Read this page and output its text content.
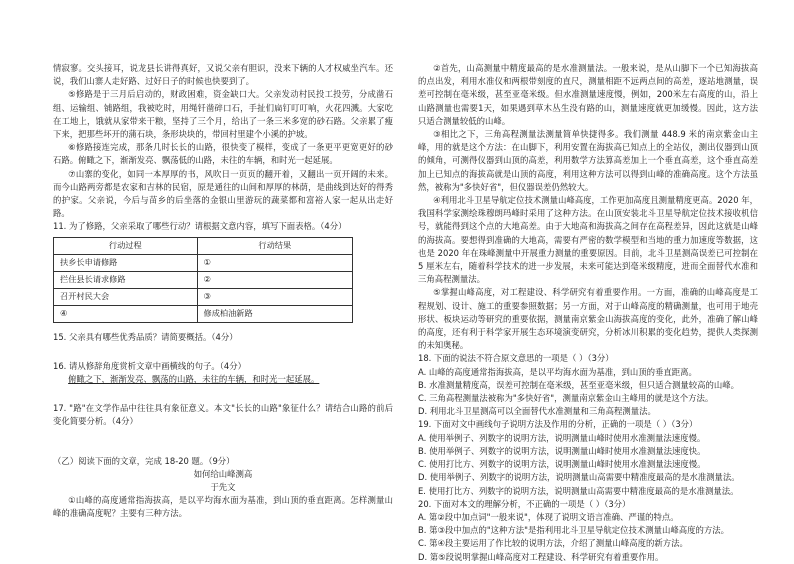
情寂寥。交头接耳，说龙县长讲得真好，又说父亲有胆识，没来下辆的人才权威坐汽车。还说，我们山寨人走好路、过好日子的时候也快要到了。

⑤修路是于三月后启动的，财政困难，资金缺口大。父亲发动村民投工投劳，分成凿石组、运输组、铺路组，我被吃时，用绳钎凿碎口石，手扯们扁钉叮叮响，火花四溅。大家吃在工地上，饿就从家带来干粮，坚持了三个月，给出了一条三米多宽的砂石路。父亲累了瘦下来，把那些坏开的蒲石块，条形块块的，带回村里建个小溪的护坡。

⑥修路接连完成，那条几时长长的山路，很快变了模样，变成了一条更平更宽更好的砂石路。俯瞰之下，渐渐发亮、飘荡低的山路，未往的车辆，和时光一起延展。

⑦山寨的变化，如同一本厚厚的书，风吹日一页页的翻开着，又翻出一页开阔的未来。而今山路两旁都是农家和吉林的民宿，原是通往的山间和厚厚的林荫，是曲线到达好的得秀的护家。父亲说，今后与苗乡的后坐落的金银山里游玩的蔬菜都和富裕人家一起从出走好路。

11. 为了修路，父亲采取了哪些行动？请根据文意内容，填写下面表格。（4分）

行动过程	行动结果
扶乡长申请修路	①
拦住县长请求修路	②
召开村民大会	③
④	修成柏油新路

15. 父亲具有哪些优秀品质？请简要概括。（4分）

16. 请从修辞角度赏析文章中画横线的句子。（4分）

俯瞰之下，渐渐发亮、飘荡的山路，未往的车辆，和时光一起延展。

17. "路"在文学作品中往往具有象征意义。本文"长长的山路"象征什么？请结合山路的前后变化简要分析。（4分）

（乙）阅读下面的文章，完成 18-20 题。（9分）

如何给山峰测高

于先文

①山峰的高度通常指海拔高，是以平均海水面为基准，到山顶的垂直距离。怎样测量山峰的准确高度呢？主要有三种方法。

②首先，山高测量中精度最高的是水准测量法。一般来说，是从山脚下一个已知海拔高的点出发，利用水准仪和两根带刻度的直尺，测量相距不远两点间的高差，逐站地测量，误差可控制在毫米级，甚至亚毫米级。但水准测量速度慢，例如，200米左右高度的山，沿上山路测量也需要1天，如果遇到草木丛生没有路的山，测量速度就更加缓慢。因此，这方法只适合测量较低的山峰。

③相比之下，三角高程测量法测量简单快捷得多。我们测量 448.9 米的南京紫金山主峰，用的就是这个方法：在山脚下，利用安置在海拔高已知点上的全站仪，测出仪器到山顶的倾角，可测得仪器到山顶的高差，利用数学方法算高差加上一个垂直高差，这个垂直高差加上已知点的海拔高就是山顶的高度，利用这种方法可以得到山峰的准确高度。这个方法虽然，被称为"多快好省"，但仪器误差仍然较大。

④利用北斗卫星导航定位技术测量山峰高度，工作更加高度且测量精度更高。2020 年，我国科学家测绘珠穆朗玛峰时采用了这种方法。在山顶安装北斗卫星导航定位技术接收机信号，就能得到这个点的大地高差。由于大地高和海拔高之间存在高程差异，因此这就是山峰的海拔高。要想得到准确的大地高，需要有严密的数学模型和当地的重力加速度等数据，这也是 2020 年在珠峰测量中开展重力测量的重要原因。目前，北斗卫星测高误差已可控制在 5 厘米左右，随着科学技术的进一步发展，未来可能达到毫米级精度，进而全面替代水准和三角高程测量法。

⑤掌握山峰高度，对工程建设、科学研究有着重要作用。一方面，准确的山峰高度是工程规划、设计、施工的重要参照数据；另一方面，对于山峰高度的精确测量，也可用于地壳形状、板块运动等研究的重要依据，测量南京紫金山海拔高度的变化，此外，准确了解山峰的高度，还有利于科学家开展生态环境演变研究，分析冰川积累的变化趋势，提供人类探测的未知奥秘。

18. 下面的说法不符合原文意思的一项是（ ）（3分）

A. 山峰的高度通常指海拔高，是以平均海水面为基准，到山顶的垂直距离。

B. 水准测量精度高，误差可控制在毫米级，甚至亚毫米级，但只适合测量较高的山峰。

C. 三角高程测量法被称为"多快好省"，测量南京紫金山主峰用的就是这个方法。

D. 利用北斗卫星测高可以全面替代水准测量和三角高程测量法。

19. 下面对文中画线句子说明方法及作用的分析，正确的一项是（ ）（3分）

A. 使用举例子、列数字的说明方法，说明测量山峰时使用水准测量法速度慢。

B. 使用举例子、列数字的说明方法，说明测量山峰时使用水准测量法速度快。

C. 使用打比方、列数字的说明方法，说明测量山峰时使用水准测量法速度慢。

D. 使用举例子、列数字的说明方法，说明测量山高需要中精准度最高的是水准测量法。

E. 使用打比方、列数字的说明方法，说明测量山高需要中精准度最高的是水准测量法。

20. 下面对本文的理解分析，不正确的一项是（ ）（3分）

A. 第②段中加点词"一般来说"，体现了说明文语言准确、严谨的特点。

B. 第③段中加点的"这种方法"是指利用北斗卫星导航定位技术测量山峰高度的方法。

C. 第④段主要运用了作比较的说明方法，介绍了测量山峰高度的新方法。

D. 第⑤段说明掌握山峰高度对工程建设、科学研究有着重要作用。
